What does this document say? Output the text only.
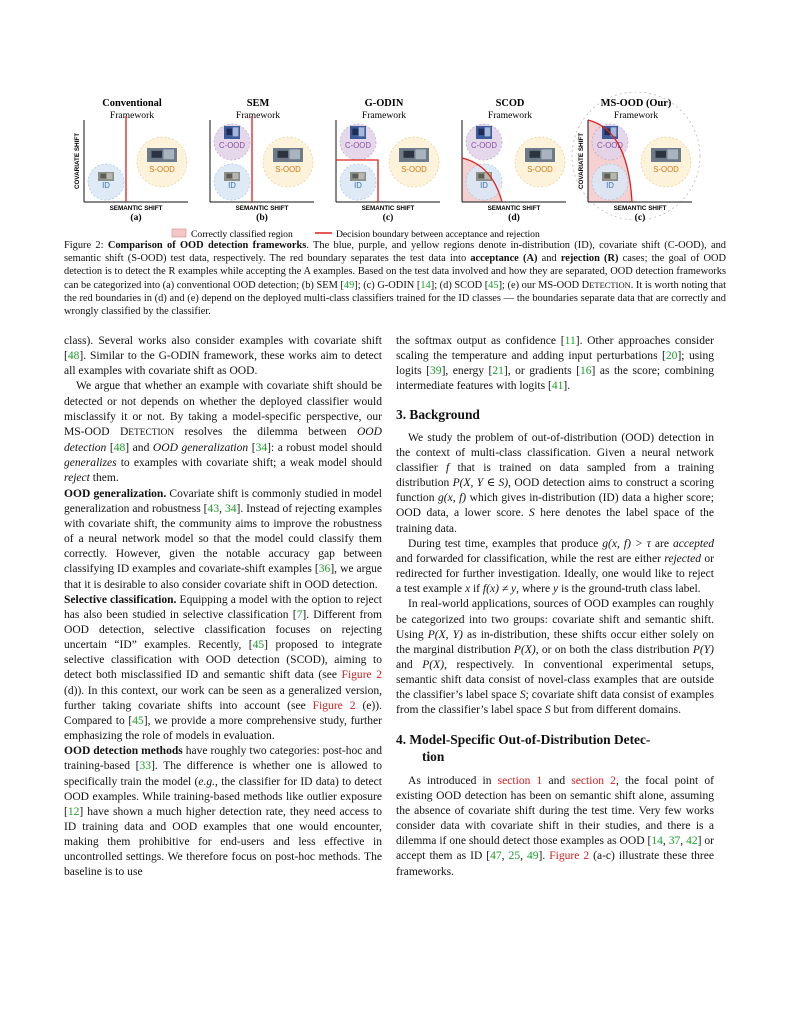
Conventional
Framework
S-OOD
ID
SEMANTIC SHIFT
COVARIATE SHIFT
(a)
SEM
Framework
S-OOD
ID
C-OOD
SEMANTIC SHIFT
(b)
G-ODIN
Framework
S-OOD
ID
C-OOD
SEMANTIC SHIFT
(c)
SCOD
Framework
S-OOD
ID
C-OOD
SEMANTIC SHIFT
(d)
MS-OOD (Our)
Framework
S-OOD
ID
C-OOD
SEMANTIC SHIFT
COVARIATE SHIFT
(c)
Correctly classified region	Decision boundary between acceptance and rejection
Figure 2: Comparison of OOD detection frameworks. The blue, purple, and yellow regions denote in-distribution (ID), covariate shift (C-OOD), and semantic shift (S-OOD) test data, respectively. The red boundary separates the test data into acceptance (A) and rejection (R) cases; the goal of OOD detection is to detect the R examples while accepting the A examples. Based on the test data involved and how they are separated, OOD detection frameworks can be categorized into (a) conventional OOD detection; (b) SEM [49]; (c) G-ODIN [14]; (d) SCOD [45]; (e) our MS-OOD DETECTION. It is worth noting that the red boundaries in (d) and (e) depend on the deployed multi-class classifiers trained for the ID classes — the boundaries separate data that are correctly and wrongly classified by the classifier.

class). Several works also consider examples with covariate shift [48]. Similar to the G-ODIN framework, these works aim to detect all examples with covariate shift as OOD.

We argue that whether an example with covariate shift should be detected or not depends on whether the deployed classifier would misclassify it or not. By taking a model-specific perspective, our MS-OOD DETECTION resolves the dilemma between OOD detection [48] and OOD generalization [34]: a robust model should generalizes to examples with covariate shift; a weak model should reject them.

OOD generalization. Covariate shift is commonly studied in model generalization and robustness [43, 34]. Instead of rejecting examples with covariate shift, the community aims to improve the robustness of a neural network model so that the model could classify them correctly. However, given the notable accuracy gap between classifying ID examples and covariate-shift examples [36], we argue that it is desirable to also consider covariate shift in OOD detection.

Selective classification. Equipping a model with the option to reject has also been studied in selective classification [7]. Different from OOD detection, selective classification focuses on rejecting uncertain “ID” examples. Recently, [45] proposed to integrate selective classification with OOD detection (SCOD), aiming to detect both misclassified ID and semantic shift data (see Figure 2 (d)). In this context, our work can be seen as a generalized version, further taking covariate shifts into account (see Figure 2 (e)). Compared to [45], we provide a more comprehensive study, further emphasizing the role of models in evaluation.

OOD detection methods have roughly two categories: post-hoc and training-based [33]. The difference is whether one is allowed to specifically train the model (e.g., the classifier for ID data) to detect OOD examples. While training-based methods like outlier exposure [12] have shown a much higher detection rate, they need access to ID training data and OOD examples that one would encounter, making them prohibitive for end-users and less effective in uncontrolled settings. We therefore focus on post-hoc methods. The baseline is to use

the softmax output as confidence [11]. Other approaches consider scaling the temperature and adding input perturbations [20]; using logits [39], energy [21], or gradients [16] as the score; combining intermediate features with logits [41].

3. Background

We study the problem of out-of-distribution (OOD) detection in the context of multi-class classification. Given a neural network classifier f that is trained on data sampled from a training distribution P(X, Y ∈ S), OOD detection aims to construct a scoring function g(x, f) which gives in-distribution (ID) data a higher score; OOD data, a lower score. S here denotes the label space of the training data.

During test time, examples that produce g(x, f) > τ are accepted and forwarded for classification, while the rest are either rejected or redirected for further investigation. Ideally, one would like to reject a test example x if f(x) ≠ y, where y is the ground-truth class label.

In real-world applications, sources of OOD examples can roughly be categorized into two groups: covariate shift and semantic shift. Using P(X, Y) as in-distribution, these shifts occur either solely on the marginal distribution P(X), or on both the class distribution P(Y) and P(X), respectively. In conventional experimental setups, semantic shift data consist of novel-class examples that are outside the classifier’s label space S; covariate shift data consist of examples from the classifier’s label space S but from different domains.

4. Model-Specific Out-of-Distribution Detec-
tion

As introduced in section 1 and section 2, the focal point of existing OOD detection has been on semantic shift alone, assuming the absence of covariate shift during the test time. Very few works consider data with covariate shift in their studies, and there is a dilemma if one should detect those examples as OOD [14, 37, 42] or accept them as ID [47, 25, 49]. Figure 2 (a-c) illustrate these three frameworks.
